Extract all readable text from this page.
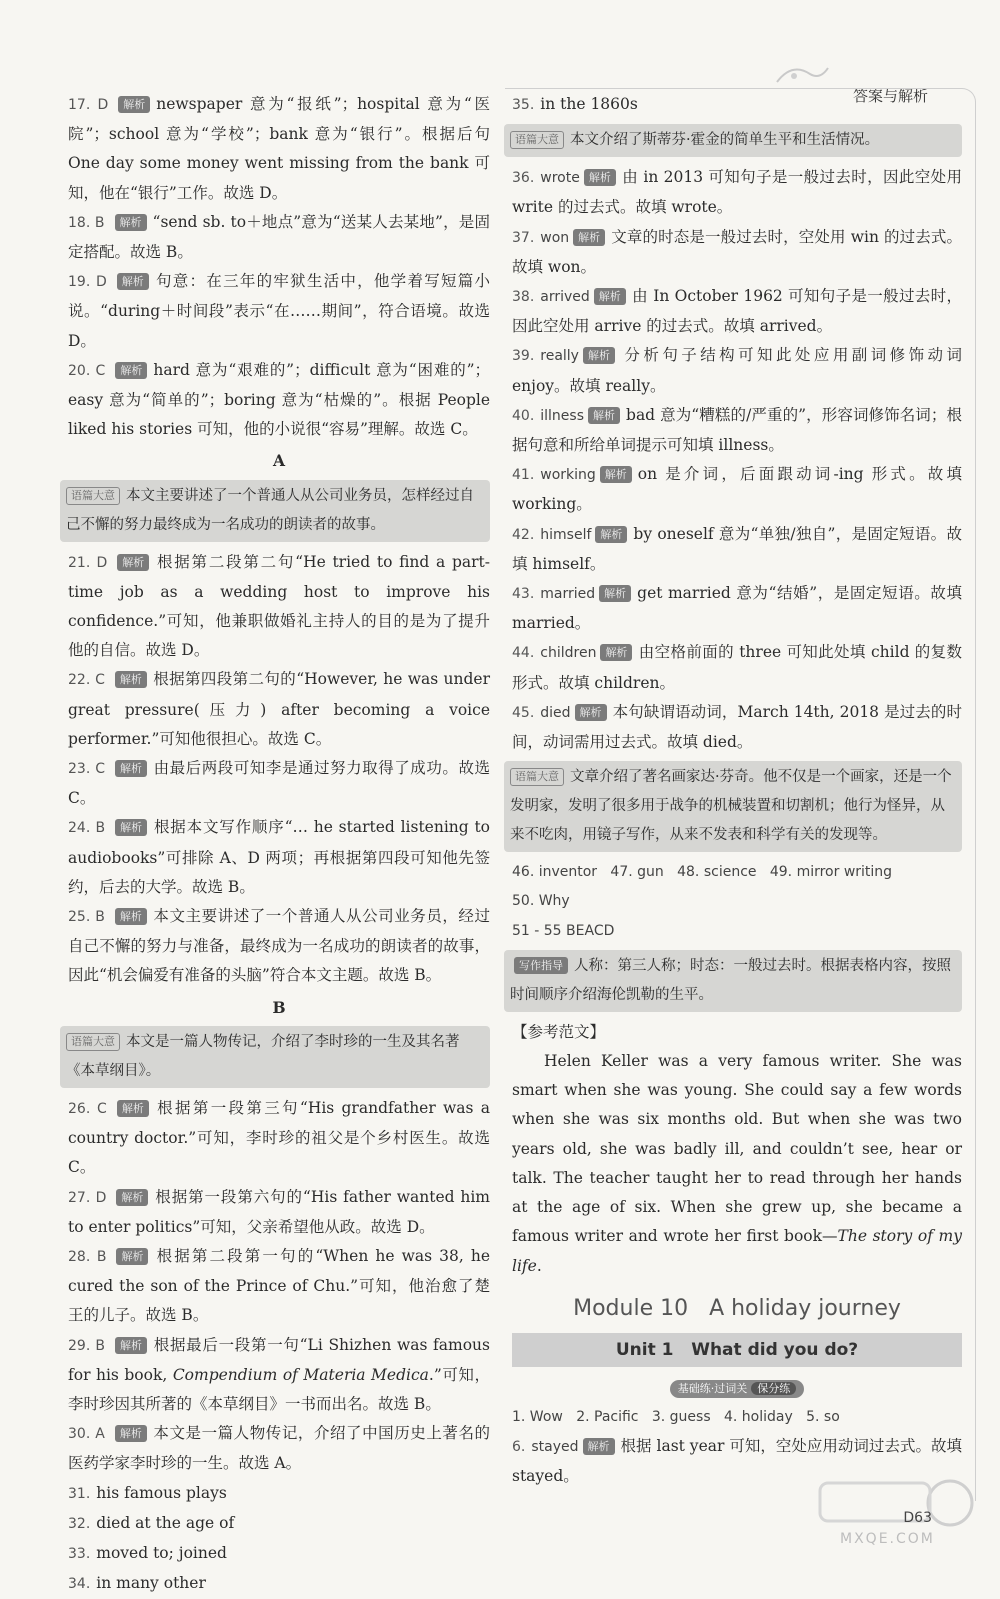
答案与解析

17. D 解析 newspaper 意为“报纸”；hospital 意为“医院”；school 意为“学校”；bank 意为“银行”。根据后句 One day some money went missing from the bank 可知，他在“银行”工作。故选 D。

18. B 解析 “send sb. to＋地点”意为“送某人去某地”，是固定搭配。故选 B。

19. D 解析 句意：在三年的牢狱生活中，他学着写短篇小说。“during＋时间段”表示“在……期间”，符合语境。故选 D。

20. C 解析 hard 意为“艰难的”；difficult 意为“困难的”；easy 意为“简单的”；boring 意为“枯燥的”。根据 People liked his stories 可知，他的小说很“容易”理解。故选 C。

A
语篇大意 本文主要讲述了一个普通人从公司业务员，怎样经过自己不懈的努力最终成为一名成功的朗读者的故事。

21. D 解析 根据第二段第二句“He tried to find a part-time job as a wedding host to improve his confidence.”可知，他兼职做婚礼主持人的目的是为了提升他的自信。故选 D。

22. C 解析 根据第四段第二句的“However, he was under great pressure(压力) after becoming a voice performer.”可知他很担心。故选 C。

23. C 解析 由最后两段可知李是通过努力取得了成功。故选 C。

24. B 解析 根据本文写作顺序“… he started listening to audiobooks”可排除 A、D 两项；再根据第四段可知他先签约，后去的大学。故选 B。

25. B 解析 本文主要讲述了一个普通人从公司业务员，经过自己不懈的努力与准备，最终成为一名成功的朗读者的故事，因此“机会偏爱有准备的头脑”符合本文主题。故选 B。

B
语篇大意 本文是一篇人物传记，介绍了李时珍的一生及其名著《本草纲目》。

26. C 解析 根据第一段第三句“His grandfather was a country doctor.”可知，李时珍的祖父是个乡村医生。故选 C。

27. D 解析 根据第一段第六句的“His father wanted him to enter politics”可知，父亲希望他从政。故选 D。

28. B 解析 根据第二段第一句的“When he was 38, he cured the son of the Prince of Chu.”可知，他治愈了楚王的儿子。故选 B。

29. B 解析 根据最后一段第一句“Li Shizhen was famous for his book, Compendium of Materia Medica.”可知，李时珍因其所著的《本草纲目》一书而出名。故选 B。

30. A 解析 本文是一篇人物传记，介绍了中国历史上著名的医药学家李时珍的一生。故选 A。

31. his famous plays

32. died at the age of

33. moved to; joined

34. in many other

35. in the 1860s

语篇大意 本文介绍了斯蒂芬·霍金的简单生平和生活情况。

36. wrote 解析 由 in 2013 可知句子是一般过去时，因此空处用 write 的过去式。故填 wrote。

37. won 解析 文章的时态是一般过去时，空处用 win 的过去式。故填 won。

38. arrived 解析 由 In October 1962 可知句子是一般过去时，因此空处用 arrive 的过去式。故填 arrived。

39. really 解析 分析句子结构可知此处应用副词修饰动词 enjoy。故填 really。

40. illness 解析 bad 意为“糟糕的/严重的”，形容词修饰名词；根据句意和所给单词提示可知填 illness。

41. working 解析 on 是介词，后面跟动词-ing 形式。故填 working。

42. himself 解析 by oneself 意为“单独/独自”，是固定短语。故填 himself。

43. married 解析 get married 意为“结婚”，是固定短语。故填 married。

44. children 解析 由空格前面的 three 可知此处填 child 的复数形式。故填 children。

45. died 解析 本句缺谓语动词，March 14th, 2018 是过去的时间，动词需用过去式。故填 died。

语篇大意 文章介绍了著名画家达·芬奇。他不仅是一个画家，还是一个发明家，发明了很多用于战争的机械装置和切割机；他行为怪异，从来不吃肉，用镜子写作，从来不发表和科学有关的发现等。

46. inventor   47. gun   48. science   49. mirror writing

50. Why

51 - 55 BEACD

写作指导 人称：第三人称；时态：一般过去时。根据表格内容，按照时间顺序介绍海伦凯勒的生平。

【参考范文】

Helen Keller was a very famous writer. She was smart when she was young. She could say a few words when she was six months old. But when she was two years old, she was badly ill, and couldn’t see, hear or talk. The teacher taught her to read through her hands at the age of six. When she grew up, she became a famous writer and wrote her first book—The story of my life.

Module 10   A holiday journey
Unit 1   What did you do?
基础练·过词关 保分练

1. Wow   2. Pacific   3. guess   4. holiday   5. so

6. stayed 解析 根据 last year 可知，空处应用动词过去式。故填 stayed。

MXQE.COM
D63
